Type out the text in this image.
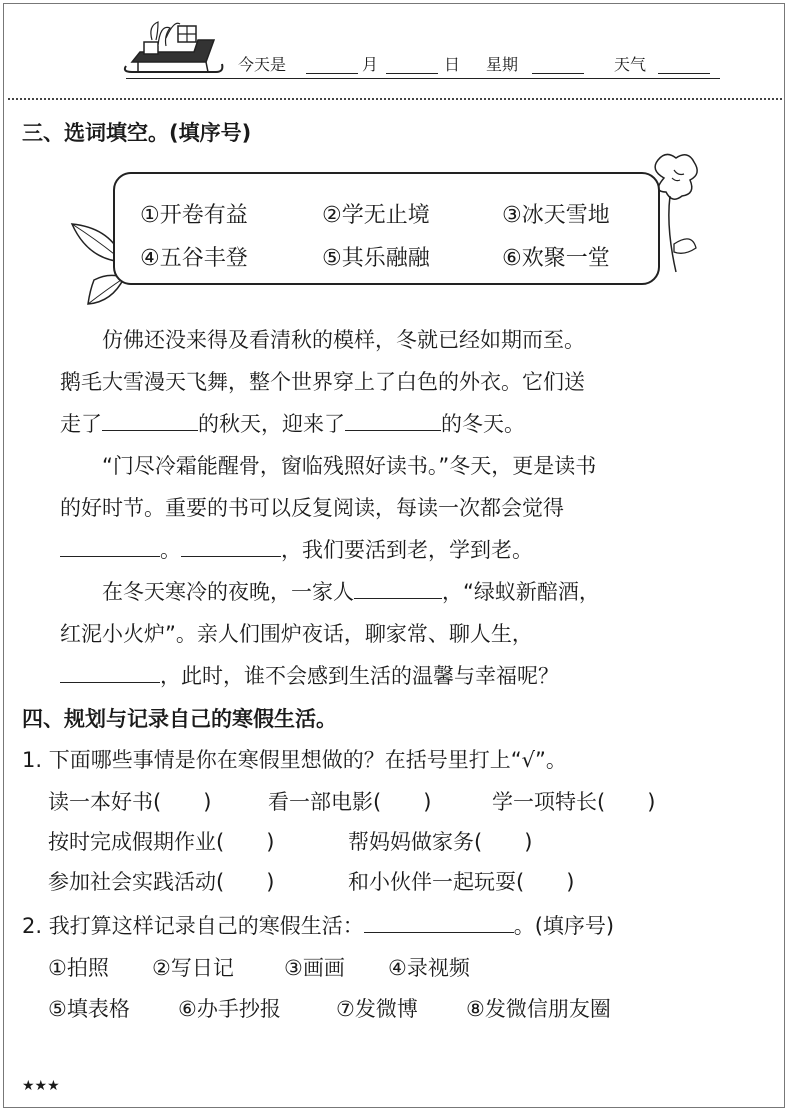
今天是	月	日 星期	天气
三、选词填空。(填序号)
①开卷有益	②学无止境	③冰天雪地
④五谷丰登	⑤其乐融融	⑥欢聚一堂
仿佛还没来得及看清秋的模样，冬就已经如期而至。
鹅毛大雪漫天飞舞，整个世界穿上了白色的外衣。它们送
走了	的秋天，迎来了	的冬天。
“门尽冷霜能醒骨，窗临残照好读书。”冬天，更是读书
的好时节。重要的书可以反复阅读，每读一次都会觉得
。	，我们要活到老，学到老。
在冬天寒冷的夜晚，一家人	，“绿蚁新醅酒，
红泥小火炉”。亲人们围炉夜话，聊家常、聊人生，
，此时，谁不会感到生活的温馨与幸福呢？
四、规划与记录自己的寒假生活。
1. 下面哪些事情是你在寒假里想做的？在括号里打上“√”。
读一本好书(　　)	看一部电影(　　)	学一项特长(　　)
按时完成假期作业(　　)	帮妈妈做家务(　　)
参加社会实践活动(　　)	和小伙伴一起玩耍(　　)
2. 我打算这样记录自己的寒假生活：	。(填序号)
①拍照 ②写日记 ③画画 ④录视频
⑤填表格 ⑥办手抄报	⑦发微博 ⑧发微信朋友圈
★★★
